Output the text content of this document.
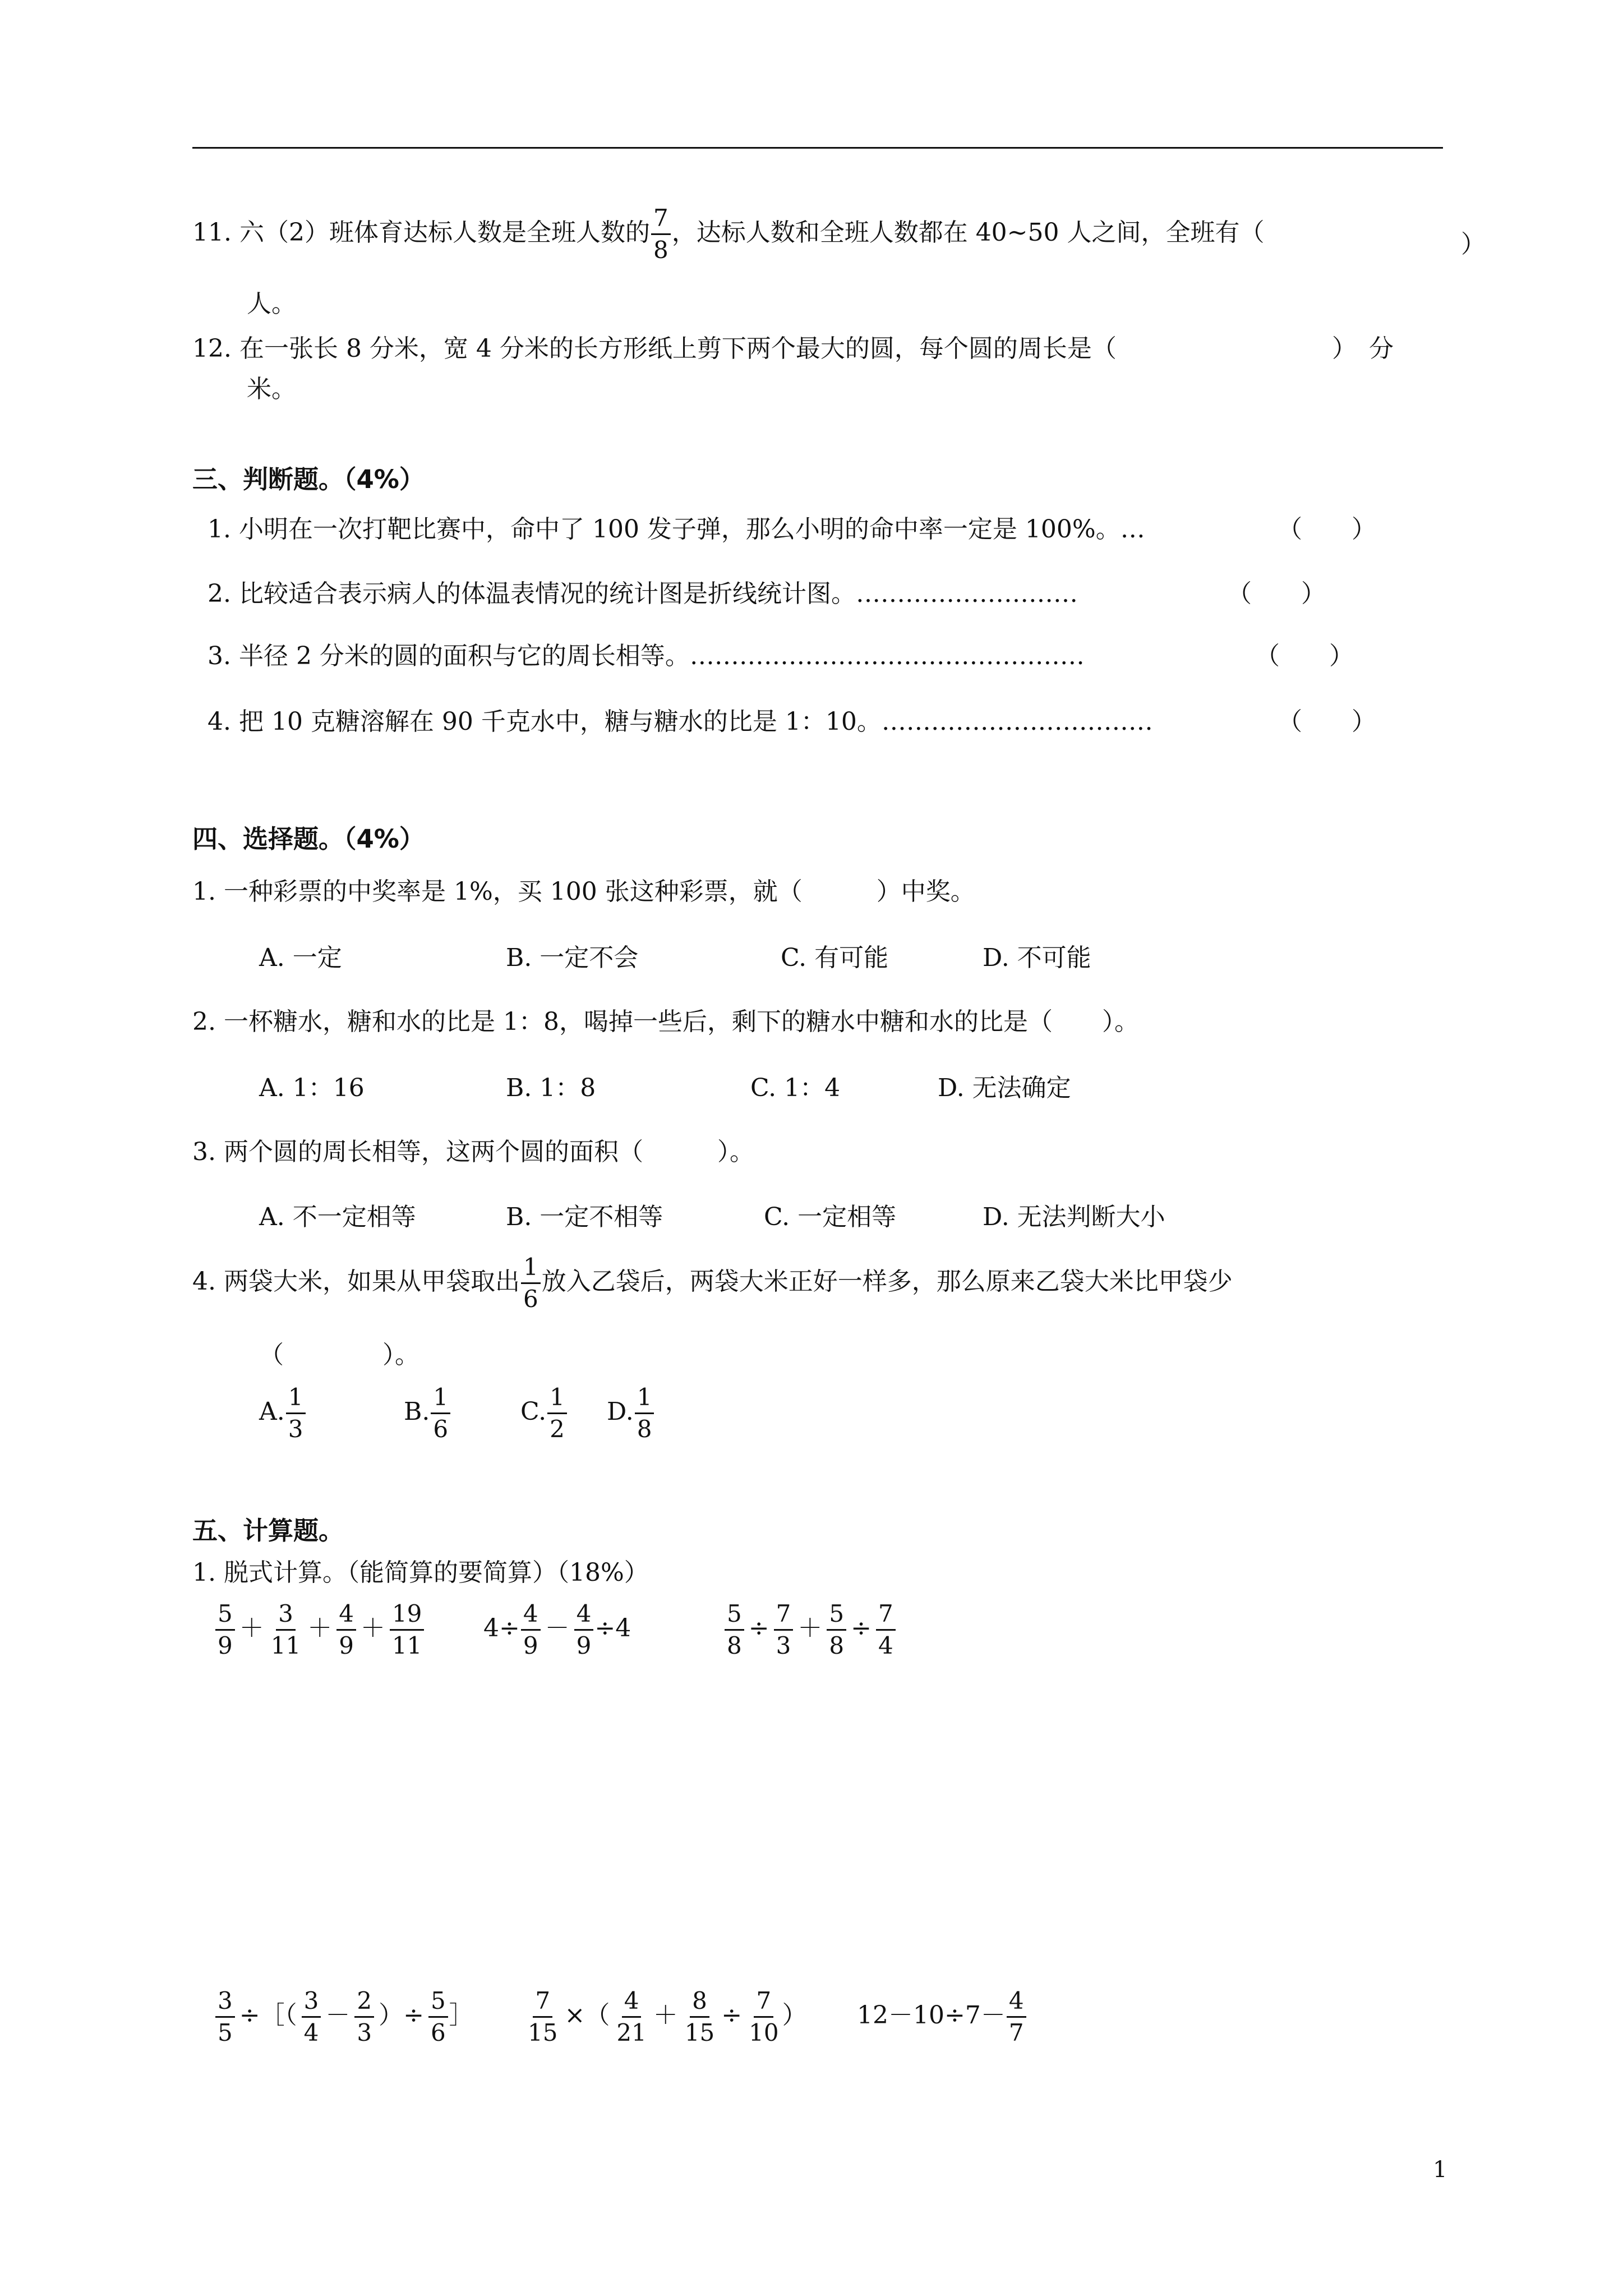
11. 六（2）班体育达标人数是全班人数的 $\frac{7}{8}$ ，达标人数和全班人数都在 40~50 人之间，全班有（	）
人。
12. 在一张长 8 分米，宽 4 分米的长方形纸上剪下两个最大的圆，每个圆的周长是（	）　分
米。
三、判断题。（4%）
1. 小明在一次打靶比赛中，命中了 100 发子弹，那么小明的命中率一定是 100%。…	（　　）
2. 比较适合表示病人的体温表情况的统计图是折线统计图。………………………	（　　）
3. 半径 2 分米的圆的面积与它的周长相等。…………………………………………	（　　）
4. 把 10 克糖溶解在 90 千克水中，糖与糖水的比是 1：10。……………………………	（　　）
四、选择题。（4%）
1. 一种彩票的中奖率是 1%，买 100 张这种彩票，就（　　　）中奖。
A. 一定	B. 一定不会	C. 有可能	D. 不可能
2. 一杯糖水，糖和水的比是 1：8，喝掉一些后，剩下的糖水中糖和水的比是（　　）。
A. 1：16	B. 1：8	C. 1：4	D. 无法确定
3. 两个圆的周长相等，这两个圆的面积（　　　）。
A. 不一定相等	B. 一定不相等	C. 一定相等	D. 无法判断大小
4. 两袋大米，如果从甲袋取出 $\frac{1}{6}$ 放入乙袋后，两袋大米正好一样多，那么原来乙袋大米比甲袋少
（　　　　）。
A. $\frac{1}{3}$	B. $\frac{1}{6}$	C. $\frac{1}{2} D$. $\frac{1}{8}$
五、计算题。
1. 脱式计算。（能简算的要简算）（18%）
$\frac{5}{9} + \frac{3}{11} + \frac{4}{9} + \frac{19}{11} 4\div \frac{4}{9} - \frac{4}{9} \div 4$	$\frac{5}{8} \div \frac{7}{3} + \frac{5}{8} \div \frac{7}{4}$
$\frac{3}{5}$ ÷［（ $\frac{3}{4} - \frac{2}{3}$ ）÷ $\frac{5}{6}$ ］ $\frac{7}{15}$ ×（ $\frac{4}{21} + \frac{8}{15} \div \frac{7}{10}$ ） $12-10\div 7- \frac{4}{7}$
1
